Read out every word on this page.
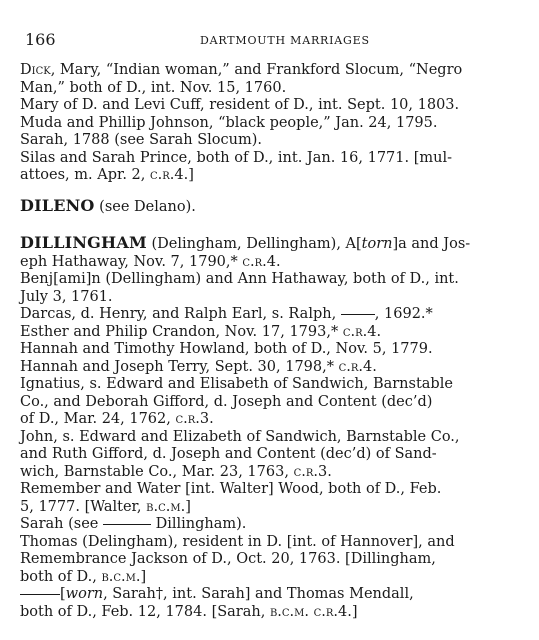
166	DARTMOUTH MARRIAGES

Dick, Mary, “Indian woman,” and Frankford Slocum, “Negro
Man,” both of D., int. Nov. 15, 1760.

Mary of D. and Levi Cuff, resident of D., int. Sept. 10, 1803.

Muda and Phillip Johnson, “black people,” Jan. 24, 1795.

Sarah, 1788 (see Sarah Slocum).

Silas and Sarah Prince, both of D., int. Jan. 16, 1771. [mul-
attoes, m. Apr. 2, c.r.4.]

DILENO (see Delano).

DILLINGHAM (Delingham, Dellingham), A[torn]a and Jos-
eph Hathaway, Nov. 7, 1790,* c.r.4.

Benj[ami]n (Dellingham) and Ann Hathaway, both of D., int.
July 3, 1761.

Darcas, d. Henry, and Ralph Earl, s. Ralph, , 1692.*

Esther and Philip Crandon, Nov. 17, 1793,* c.r.4.

Hannah and Timothy Howland, both of D., Nov. 5, 1779.

Hannah and Joseph Terry, Sept. 30, 1798,* c.r.4.

Ignatius, s. Edward and Elisabeth of Sandwich, Barnstable
Co., and Deborah Gifford, d. Joseph and Content (dec’d)
of D., Mar. 24, 1762, c.r.3.

John, s. Edward and Elizabeth of Sandwich, Barnstable Co.,
and Ruth Gifford, d. Joseph and Content (dec’d) of Sand-
wich, Barnstable Co., Mar. 23, 1763, c.r.3.

Remember and Water [int. Walter] Wood, both of D., Feb.
5, 1777. [Walter, b.c.m.]

Sarah (see	Dillingham).

Thomas (Delingham), resident in D. [int. of Hannover], and
Remembrance Jackson of D., Oct. 20, 1763. [Dillingham,
both of D., b.c.m.]

[worn, Sarah†, int. Sarah] and Thomas Mendall,
both of D., Feb. 12, 1784. [Sarah, b.c.m. c.r.4.]
